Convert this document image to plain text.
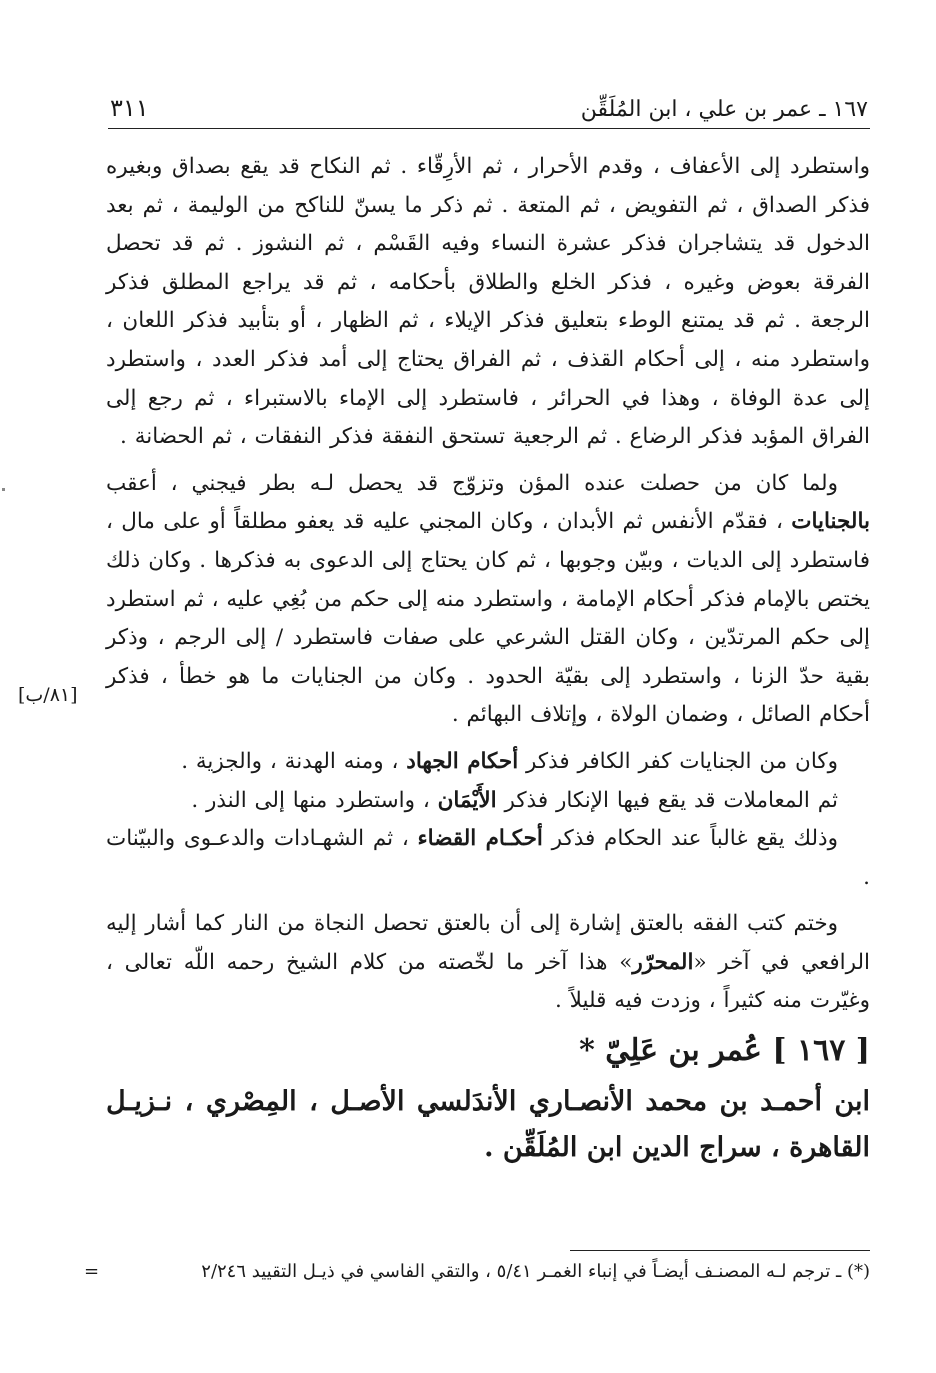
١٦٧ ـ عمر بن علي ، ابن المُلَقِّن
٣١١
[٨١/ب]

واستطرد إلى الأعفاف ، وقدم الأحرار ، ثم الأرِقّاء . ثم النكاح قد يقع بصداق وبغيره فذكر الصداق ، ثم التفويض ، ثم المتعة . ثم ذكر ما يسنّ للناكح من الوليمة ، ثم بعد الدخول قد يتشاجران فذكر عشرة النساء وفيه القَسْم ، ثم النشوز . ثم قد تحصل الفرقة بعوض وغيره ، فذكر الخلع والطلاق بأحكامه ، ثم قد يراجع المطلق فذكر الرجعة . ثم قد يمتنع الوطء بتعليق فذكر الإيلاء ، ثم الظهار ، أو بتأبيد فذكر اللعان ، واستطرد منه ، إلى أحكام القذف ، ثم الفراق يحتاج إلى أمد فذكر العدد ، واستطرد إلى عدة الوفاة ، وهذا في الحرائر ، فاستطرد إلى الإماء بالاستبراء ، ثم رجع إلى الفراق المؤبد فذكر الرضاع . ثم الرجعية تستحق النفقة فذكر النفقات ، ثم الحضانة .

ولما كان من حصلت عنده المؤن وتزوّج قد يحصل لـه بطر فيجني ، أعقب بالجنايات ، فقدّم الأنفس ثم الأبدان ، وكان المجني عليه قد يعفو مطلقاً أو على مال ، فاستطرد إلى الديات ، وبيّن وجوبها ، ثم كان يحتاج إلى الدعوى به فذكرها . وكان ذلك يختص بالإمام فذكر أحكام الإمامة ، واستطرد منه إلى حكم من بُغِي عليه ، ثم استطرد إلى حكم المرتدّين ، وكان القتل الشرعي على صفات فاستطرد / إلى الرجم ، وذكر بقية حدّ الزنا ، واستطرد إلى بقيّة الحدود . وكان من الجنايات ما هو خطأ ، فذكر أحكام الصائل ، وضمان الولاة ، وإتلاف البهائم .

وكان من الجنايات كفر الكافر فذكر أحكام الجهاد ، ومنه الهدنة ، والجزية .

ثم المعاملات قد يقع فيها الإنكار فذكر الأَيْمَان ، واستطرد منها إلى النذر .

وذلك يقع غالباً عند الحكام فذكر أحكـام القضاء ، ثم الشهـادات والدعـوى والبيّنات .

وختم كتب الفقه بالعتق إشارة إلى أن بالعتق تحصل النجاة من النار كما أشار إليه الرافعي في آخر «المحرّر» هذا آخر ما لخّصته من كلام الشيخ رحمه اللّه تعالى ، وغيّرت منه كثيراً ، وزدت فيه قليلاً .

[ ١٦٧ ] عُمر بن عَلِيّ *

ابن أحمـد بن محمد الأنصـاري الأندَلسي الأصـل ، المِصْري ، نـزيـل القاهرة ، سراج الدين ابن المُلَقِّن .

(*) ـ ترجم لـه المصنـف أيضـاً في إنباء الغمـر ٥/٤١ ، والتقي الفاسي في ذيـل التقييد ٢/٢٤٦
=
